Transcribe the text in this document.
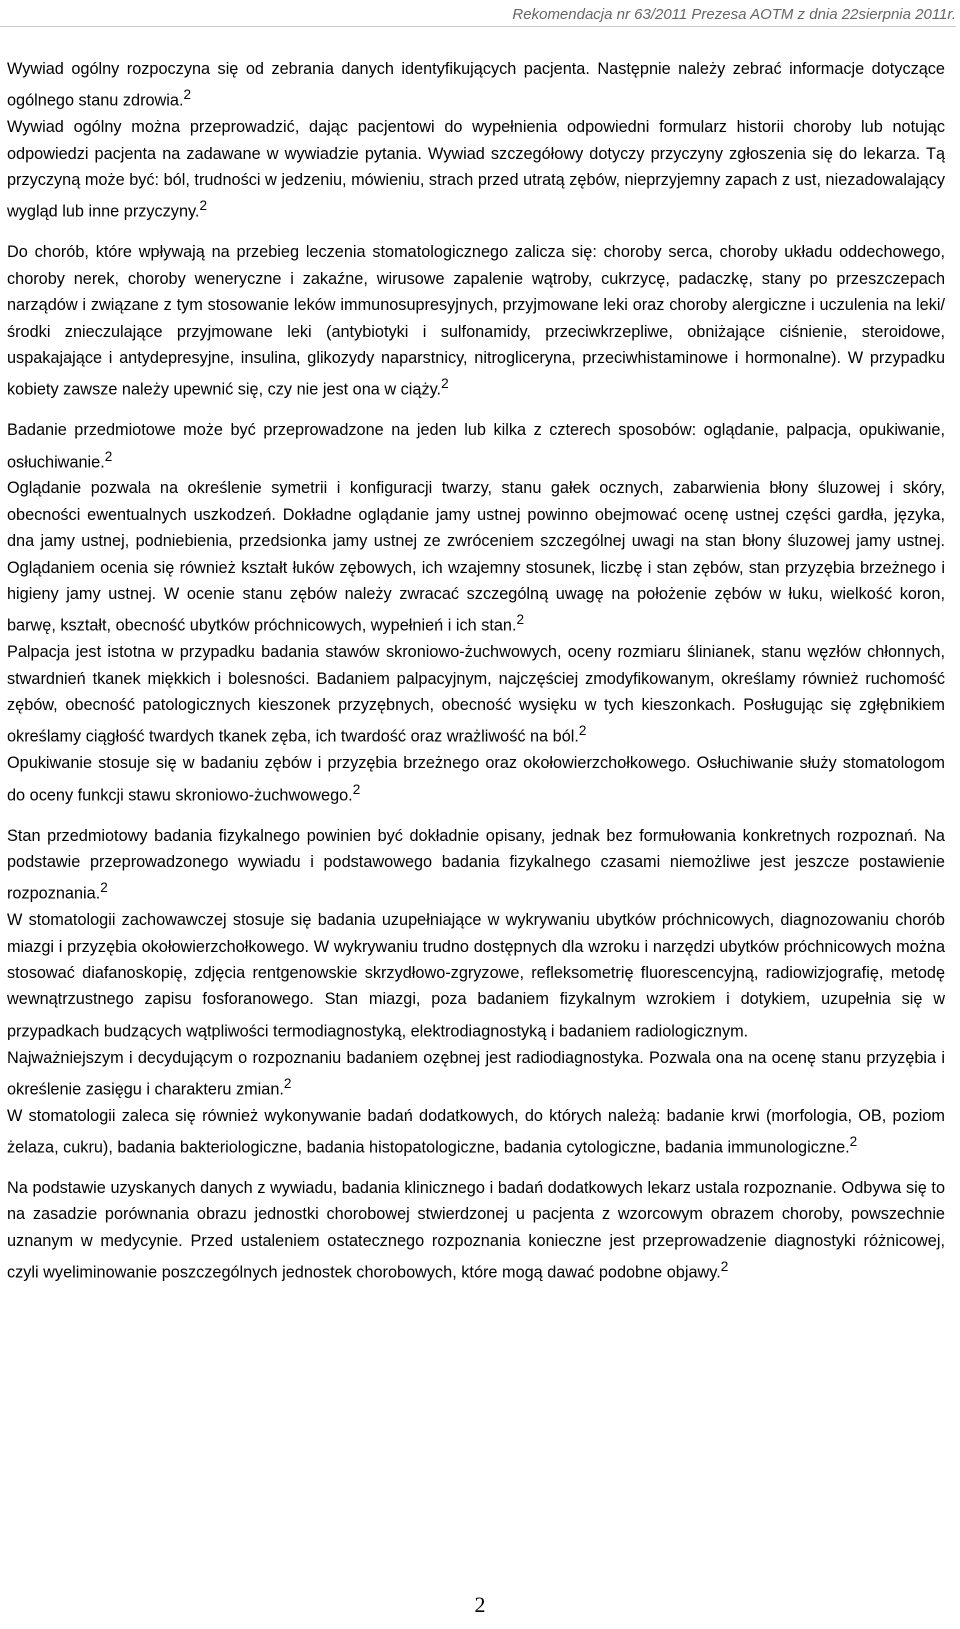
Rekomendacja nr 63/2011 Prezesa AOTM z dnia 22sierpnia 2011r.

Wywiad ogólny rozpoczyna się od zebrania danych identyfikujących pacjenta. Następnie należy zebrać informacje dotyczące ogólnego stanu zdrowia.$^2$

Wywiad ogólny można przeprowadzić, dając pacjentowi do wypełnienia odpowiedni formularz historii choroby lub notując odpowiedzi pacjenta na zadawane w wywiadzie pytania. Wywiad szczegółowy dotyczy przyczyny zgłoszenia się do lekarza. Tą przyczyną może być: ból, trudności w jedzeniu, mówieniu, strach przed utratą zębów, nieprzyjemny zapach z ust, niezadowalający wygląd lub inne przyczyny.$^2$

Do chorób, które wpływają na przebieg leczenia stomatologicznego zalicza się: choroby serca, choroby układu oddechowego, choroby nerek, choroby weneryczne i zakaźne, wirusowe zapalenie wątroby, cukrzycę, padaczkę, stany po przeszczepach narządów i związane z tym stosowanie leków immunosupresyjnych, przyjmowane leki oraz choroby alergiczne i uczulenia na leki/środki znieczulające przyjmowane leki (antybiotyki i sulfonamidy, przeciwkrzepliwe, obniżające ciśnienie, steroidowe, uspakajające i antydepresyjne, insulina, glikozydy naparstnicy, nitrogliceryna, przeciwhistaminowe i hormonalne). W przypadku kobiety zawsze należy upewnić się, czy nie jest ona w ciąży.$^2$

Badanie przedmiotowe może być przeprowadzone na jeden lub kilka z czterech sposobów: oglądanie, palpacja, opukiwanie, osłuchiwanie.$^2$

Oglądanie pozwala na określenie symetrii i konfiguracji twarzy, stanu gałek ocznych, zabarwienia błony śluzowej i skóry, obecności ewentualnych uszkodzeń. Dokładne oglądanie jamy ustnej powinno obejmować ocenę ustnej części gardła, języka, dna jamy ustnej, podniebienia, przedsionka jamy ustnej ze zwróceniem szczególnej uwagi na stan błony śluzowej jamy ustnej. Oglądaniem ocenia się również kształt łuków zębowych, ich wzajemny stosunek, liczbę i stan zębów, stan przyzębia brzeżnego i higieny jamy ustnej. W ocenie stanu zębów należy zwracać szczególną uwagę na położenie zębów w łuku, wielkość koron, barwę, kształt, obecność ubytków próchnicowych, wypełnień i ich stan.$^2$

Palpacja jest istotna w przypadku badania stawów skroniowo-żuchwowych, oceny rozmiaru ślinianek, stanu węzłów chłonnych, stwardnień tkanek miękkich i bolesności. Badaniem palpacyjnym, najczęściej zmodyfikowanym, określamy również ruchomość zębów, obecność patologicznych kieszonek przyzębnych, obecność wysięku w tych kieszonkach. Posługując się zgłębnikiem określamy ciągłość twardych tkanek zęba, ich twardość oraz wrażliwość na ból.$^2$

Opukiwanie stosuje się w badaniu zębów i przyzębia brzeżnego oraz okołowierzchołkowego. Osłuchiwanie służy stomatologom do oceny funkcji stawu skroniowo-żuchwowego.$^2$

Stan przedmiotowy badania fizykalnego powinien być dokładnie opisany, jednak bez formułowania konkretnych rozpoznań. Na podstawie przeprowadzonego wywiadu i podstawowego badania fizykalnego czasami niemożliwe jest jeszcze postawienie rozpoznania.$^2$

W stomatologii zachowawczej stosuje się badania uzupełniające w wykrywaniu ubytków próchnicowych, diagnozowaniu chorób miazgi i przyzębia okołowierzchołkowego. W wykrywaniu trudno dostępnych dla wzroku i narzędzi ubytków próchnicowych można stosować diafanoskopię, zdjęcia rentgenowskie skrzydłowo-zgryzowe, refleksometrię fluorescencyjną, radiowizjografię, metodę wewnątrzustnego zapisu fosforanowego. Stan miazgi, poza badaniem fizykalnym wzrokiem i dotykiem, uzupełnia się w przypadkach budzących wątpliwości termodiagnostyką, elektrodiagnostyką i badaniem radiologicznym.

Najważniejszym i decydującym o rozpoznaniu badaniem ozębnej jest radiodiagnostyka. Pozwala ona na ocenę stanu przyzębia i określenie zasięgu i charakteru zmian.$^2$

W stomatologii zaleca się również wykonywanie badań dodatkowych, do których należą: badanie krwi (morfologia, OB, poziom żelaza, cukru), badania bakteriologiczne, badania histopatologiczne, badania cytologiczne, badania immunologiczne.$^2$

Na podstawie uzyskanych danych z wywiadu, badania klinicznego i badań dodatkowych lekarz ustala rozpoznanie. Odbywa się to na zasadzie porównania obrazu jednostki chorobowej stwierdzonej u pacjenta z wzorcowym obrazem choroby, powszechnie uznanym w medycynie. Przed ustaleniem ostatecznego rozpoznania konieczne jest przeprowadzenie diagnostyki różnicowej, czyli wyeliminowanie poszczególnych jednostek chorobowych, które mogą dawać podobne objawy.$^2$

2
